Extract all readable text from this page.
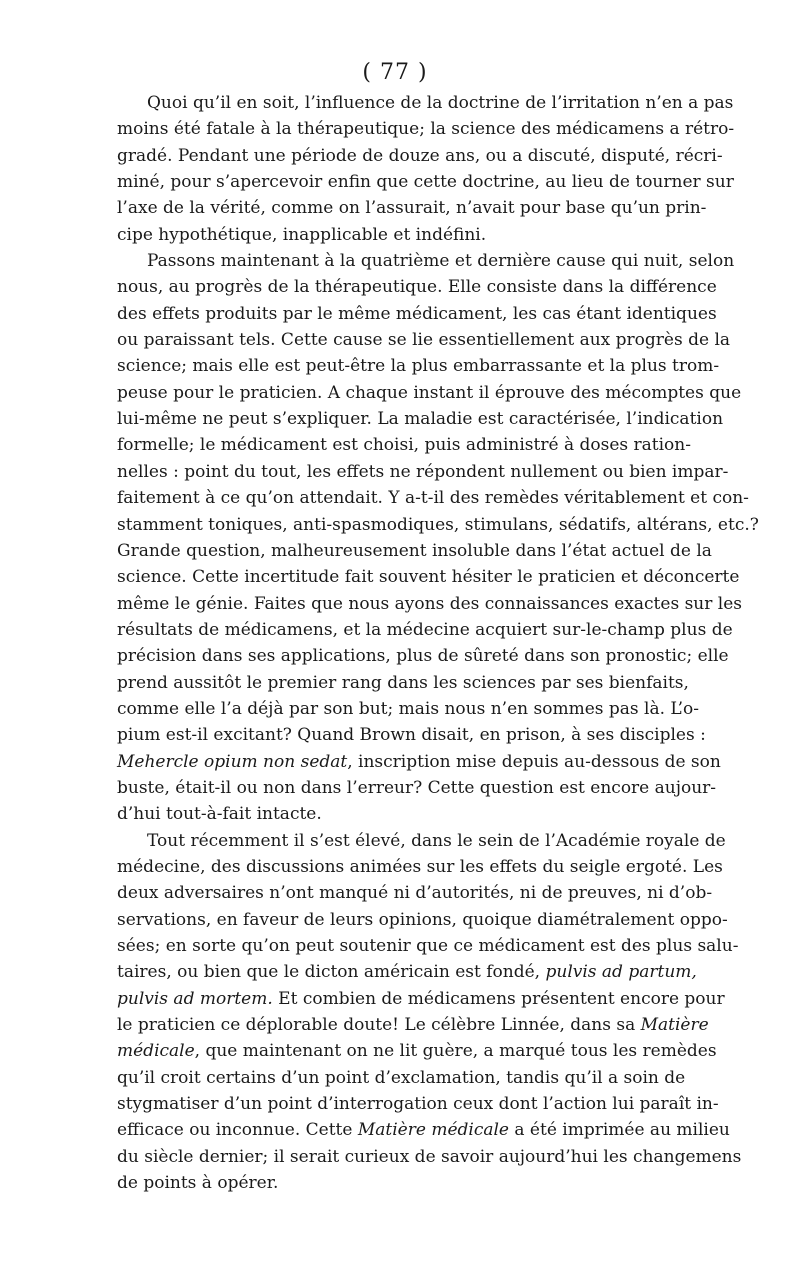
( 77 )
Quoi qu’il en soit, l’influence de la doctrine de l’irritation n’en a pas
moins été fatale à la thérapeutique; la science des médicamens a rétro-
gradé. Pendant une période de douze ans, ou a discuté, disputé, récri-
miné, pour s’apercevoir enfin que cette doctrine, au lieu de tourner sur
l’axe de la vérité, comme on l’assurait, n’avait pour base qu’un prin-
cipe hypothétique, inapplicable et indéfini.
Passons maintenant à la quatrième et dernière cause qui nuit, selon
nous, au progrès de la thérapeutique. Elle consiste dans la différence
des effets produits par le même médicament, les cas étant identiques
ou paraissant tels. Cette cause se lie essentiellement aux progrès de la
science; mais elle est peut-être la plus embarrassante et la plus trom-
peuse pour le praticien. A chaque instant il éprouve des mécomptes que
lui-même ne peut s’expliquer. La maladie est caractérisée, l’indication
formelle; le médicament est choisi, puis administré à doses ration-
nelles : point du tout, les effets ne répondent nullement ou bien impar-
faitement à ce qu’on attendait. Y a-t-il des remèdes véritablement et con-
stamment toniques, anti-spasmodiques, stimulans, sédatifs, altérans, etc.?
Grande question, malheureusement insoluble dans l’état actuel de la
science. Cette incertitude fait souvent hésiter le praticien et déconcerte
même le génie. Faites que nous ayons des connaissances exactes sur les
résultats de médicamens, et la médecine acquiert sur-le-champ plus de
précision dans ses applications, plus de sûreté dans son pronostic; elle
prend aussitôt le premier rang dans les sciences par ses bienfaits,
comme elle l’a déjà par son but; mais nous n’en sommes pas là. L’o-
pium est-il excitant? Quand Brown disait, en prison, à ses disciples :
Mehercle opium non sedat, inscription mise depuis au-dessous de son
buste, était-il ou non dans l’erreur? Cette question est encore aujour-
d’hui tout-à-fait intacte.
Tout récemment il s’est élevé, dans le sein de l’Académie royale de
médecine, des discussions animées sur les effets du seigle ergoté. Les
deux adversaires n’ont manqué ni d’autorités, ni de preuves, ni d’ob-
servations, en faveur de leurs opinions, quoique diamétralement oppo-
sées; en sorte qu’on peut soutenir que ce médicament est des plus salu-
taires, ou bien que le dicton américain est fondé, pulvis ad partum,
pulvis ad mortem. Et combien de médicamens présentent encore pour
le praticien ce déplorable doute! Le célèbre Linnée, dans sa Matière
médicale, que maintenant on ne lit guère, a marqué tous les remèdes
qu’il croit certains d’un point d’exclamation, tandis qu’il a soin de
stygmatiser d’un point d’interrogation ceux dont l’action lui paraît in-
efficace ou inconnue. Cette Matière médicale a été imprimée au milieu
du siècle dernier; il serait curieux de savoir aujourd’hui les changemens
de points à opérer.
